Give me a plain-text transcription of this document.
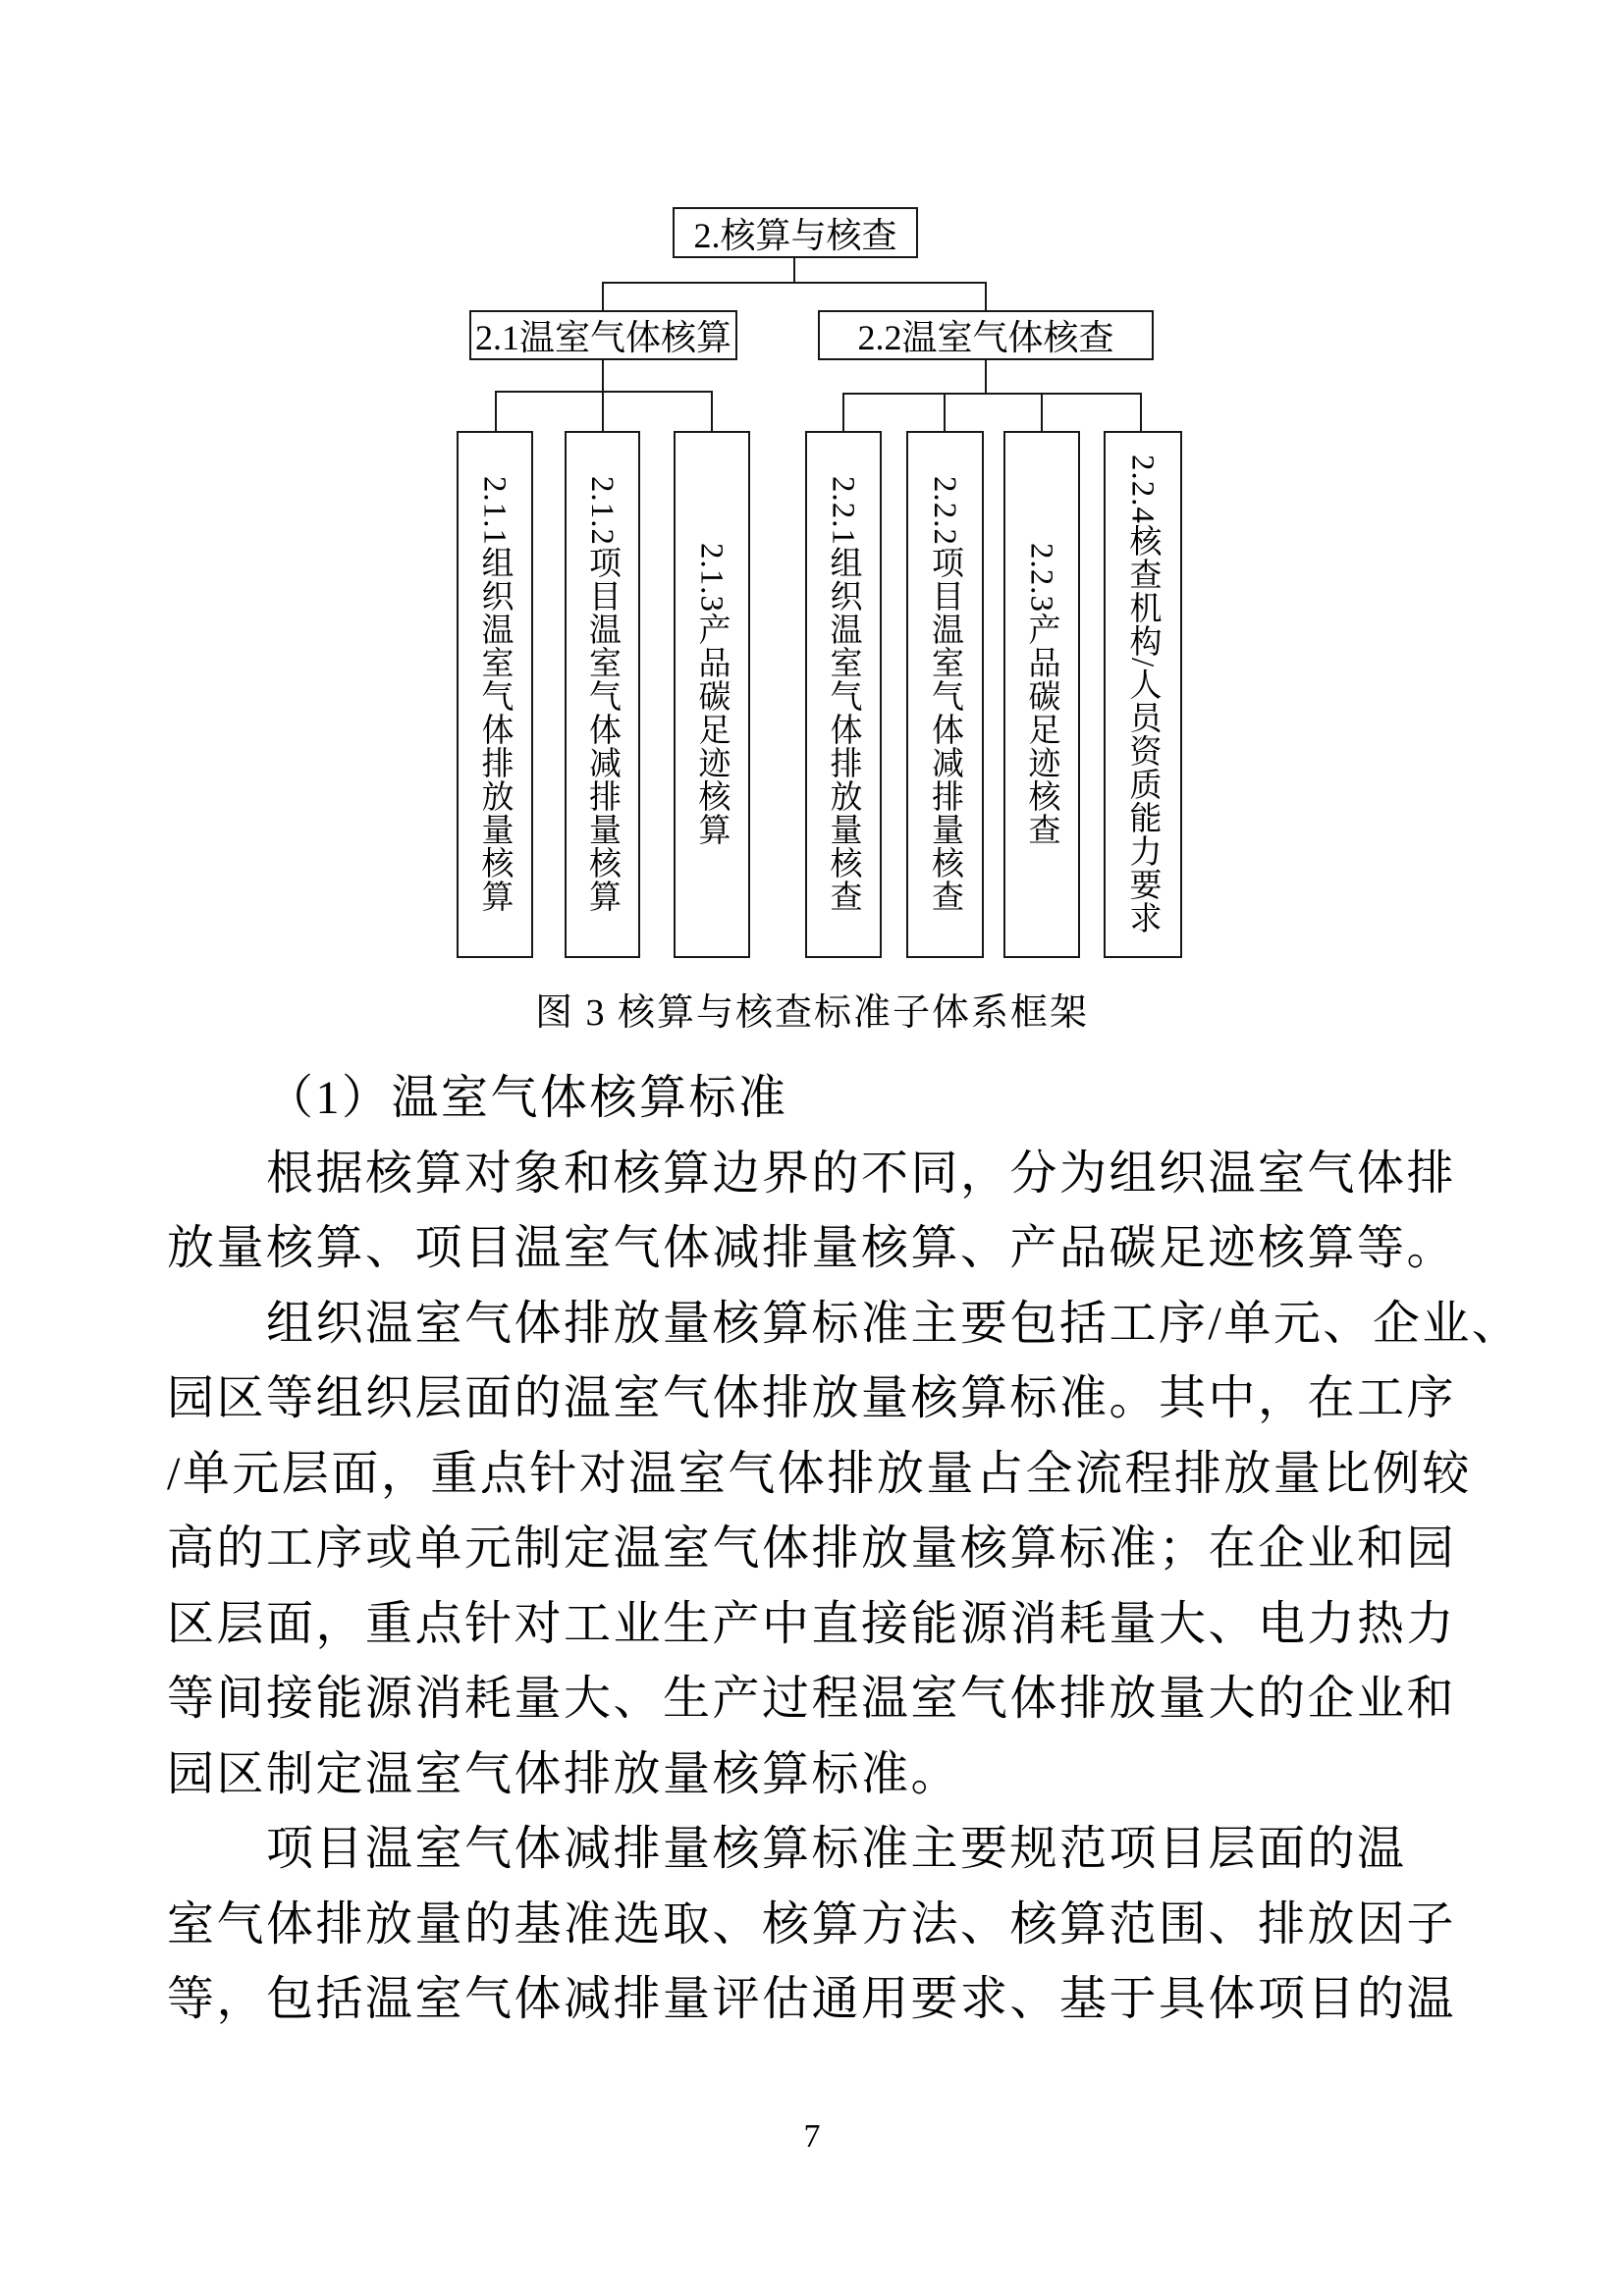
2.核算与核查
2.1温室气体核算	2.2温室气体核查
2.1.1组织温室气体排放量核算	2.1.2项目温室气体减排量核算	2.1.3产品碳足迹核算	2.2.1组织温室气体排放量核查	2.2.2项目温室气体减排量核查	2.2.3产品碳足迹核查	2.2.4核查机构/人员资质能力要求
图 3 核算与核查标准子体系框架
（1）温室气体核算标准
根据核算对象和核算边界的不同，分为组织温室气体排
放量核算、项目温室气体减排量核算、产品碳足迹核算等。
组织温室气体排放量核算标准主要包括工序/单元、企业、
园区等组织层面的温室气体排放量核算标准。其中，在工序
/单元层面，重点针对温室气体排放量占全流程排放量比例较
高的工序或单元制定温室气体排放量核算标准；在企业和园
区层面，重点针对工业生产中直接能源消耗量大、电力热力
等间接能源消耗量大、生产过程温室气体排放量大的企业和
园区制定温室气体排放量核算标准。
项目温室气体减排量核算标准主要规范项目层面的温
室气体排放量的基准选取、核算方法、核算范围、排放因子
等，包括温室气体减排量评估通用要求、基于具体项目的温
7
